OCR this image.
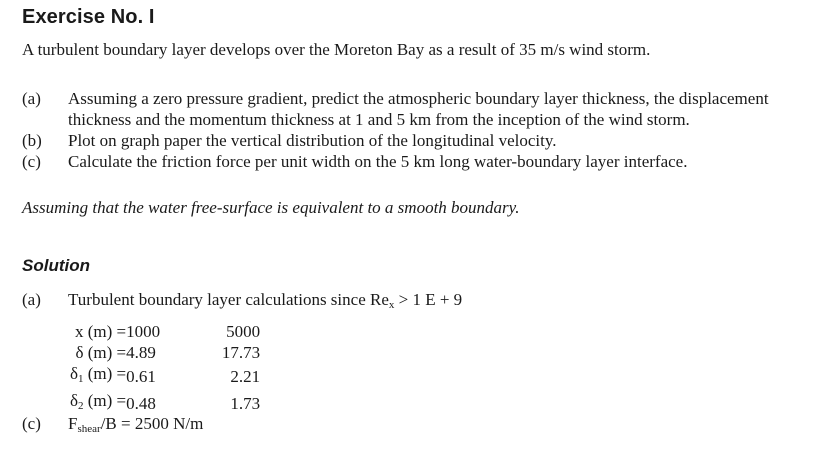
Exercise No. I
A turbulent boundary layer develops over the Moreton Bay as a result of 35 m/s wind storm.
(a)	Assuming a zero pressure gradient, predict the atmospheric boundary layer thickness, the displacement thickness and the momentum thickness at 1 and 5 km from the inception of the wind storm.
(b)	Plot on graph paper the vertical distribution of the longitudinal velocity.
(c)	Calculate the friction force per unit width on the 5 km long water-boundary layer interface.
Assuming that the water free-surface is equivalent to a smooth boundary.
Solution
(a) Turbulent boundary layer calculations since $Re_x > 1$ E + 9
x (m) =	1000	5000
δ (m) =	4.89	17.73
$\delta_1$ (m) =	0.61	2.21
$\delta_2$ (m) =	0.48	1.73
(c) $F_{shear}/B = 2500$ N/m
